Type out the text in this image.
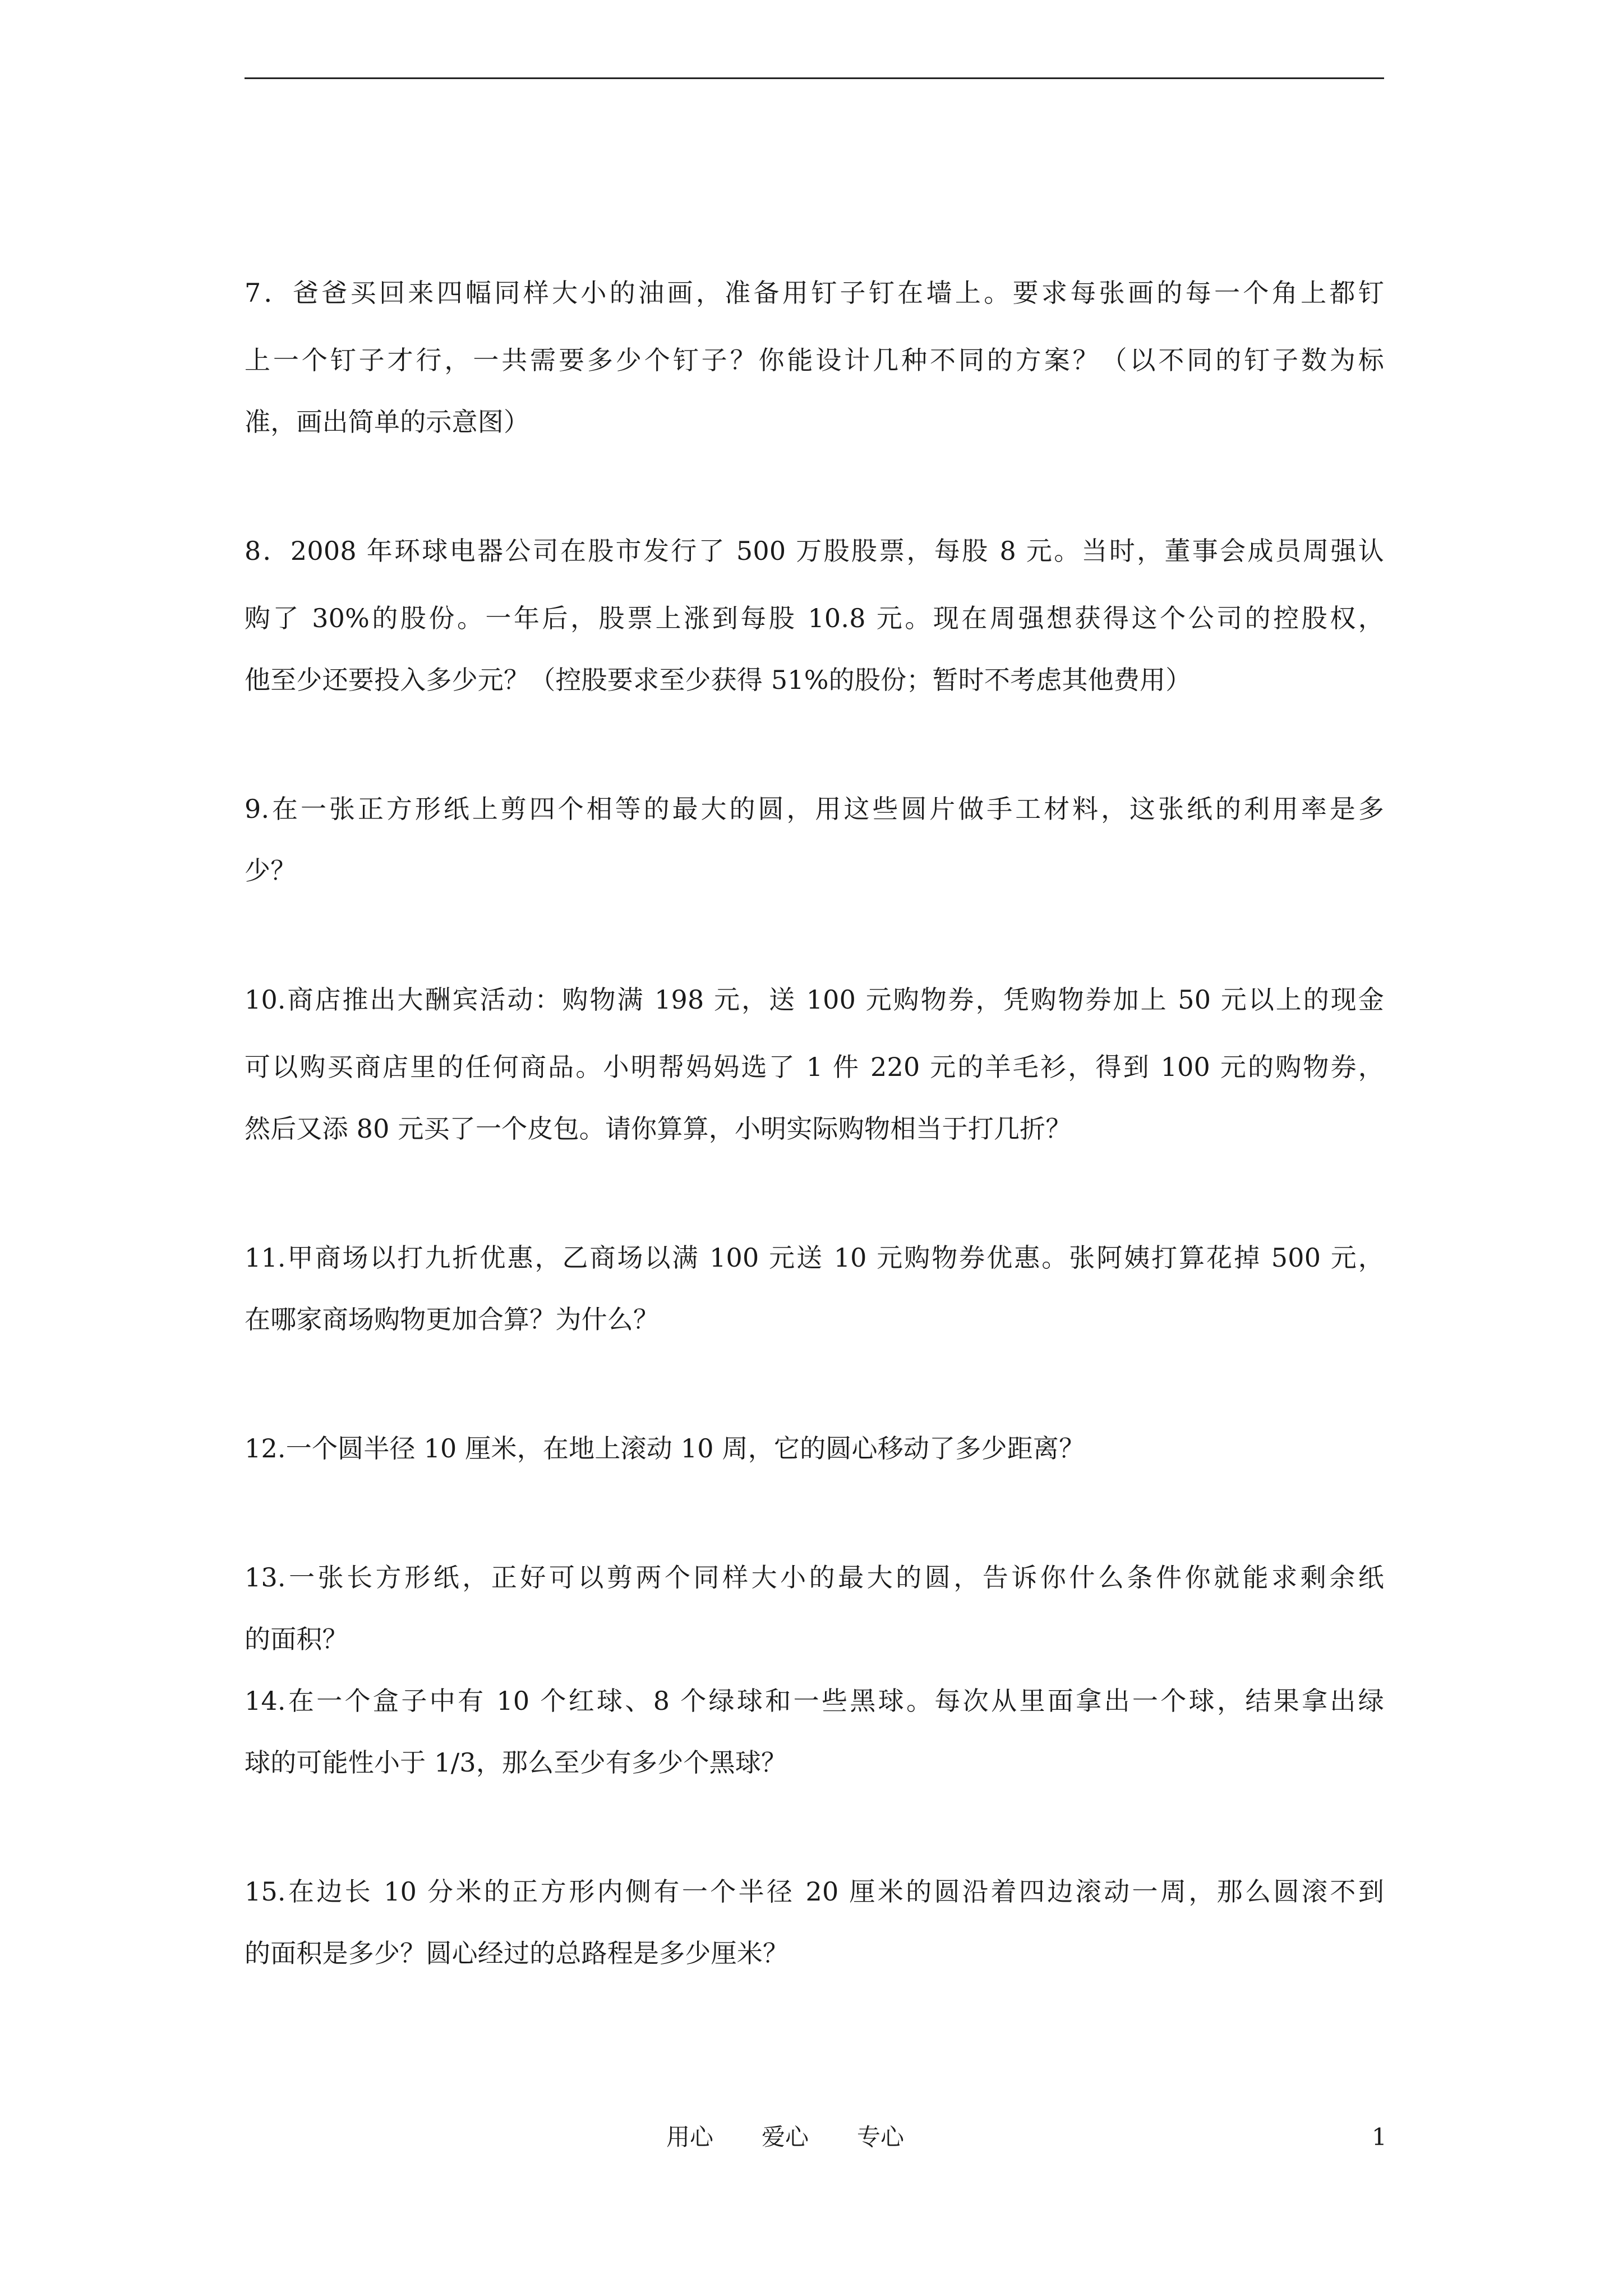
7．爸爸买回来四幅同样大小的油画，准备用钉子钉在墙上。要求每张画的每一个角上都钉
上一个钉子才行，一共需要多少个钉子？你能设计几种不同的方案？（以不同的钉子数为标
准，画出简单的示意图）
8．2008 年环球电器公司在股市发行了 500 万股股票，每股 8 元。当时，董事会成员周强认
购了 30%的股份。一年后，股票上涨到每股 10.8 元。现在周强想获得这个公司的控股权，
他至少还要投入多少元？（控股要求至少获得 51%的股份；暂时不考虑其他费用）
9.在一张正方形纸上剪四个相等的最大的圆，用这些圆片做手工材料，这张纸的利用率是多
少？
10.商店推出大酬宾活动：购物满 198 元，送 100 元购物券，凭购物券加上 50 元以上的现金
可以购买商店里的任何商品。小明帮妈妈选了 1 件 220 元的羊毛衫，得到 100 元的购物券，
然后又添 80 元买了一个皮包。请你算算，小明实际购物相当于打几折？
11.甲商场以打九折优惠，乙商场以满 100 元送 10 元购物券优惠。张阿姨打算花掉 500 元，
在哪家商场购物更加合算？为什么？
12.一个圆半径 10 厘米，在地上滚动 10 周，它的圆心移动了多少距离？
13.一张长方形纸，正好可以剪两个同样大小的最大的圆，告诉你什么条件你就能求剩余纸
的面积？
14.在一个盒子中有 10 个红球、8 个绿球和一些黑球。每次从里面拿出一个球，结果拿出绿
球的可能性小于 1/3，那么至少有多少个黑球？
15.在边长 10 分米的正方形内侧有一个半径 20 厘米的圆沿着四边滚动一周，那么圆滚不到
的面积是多少？圆心经过的总路程是多少厘米？
用心 爱心 专心	1
